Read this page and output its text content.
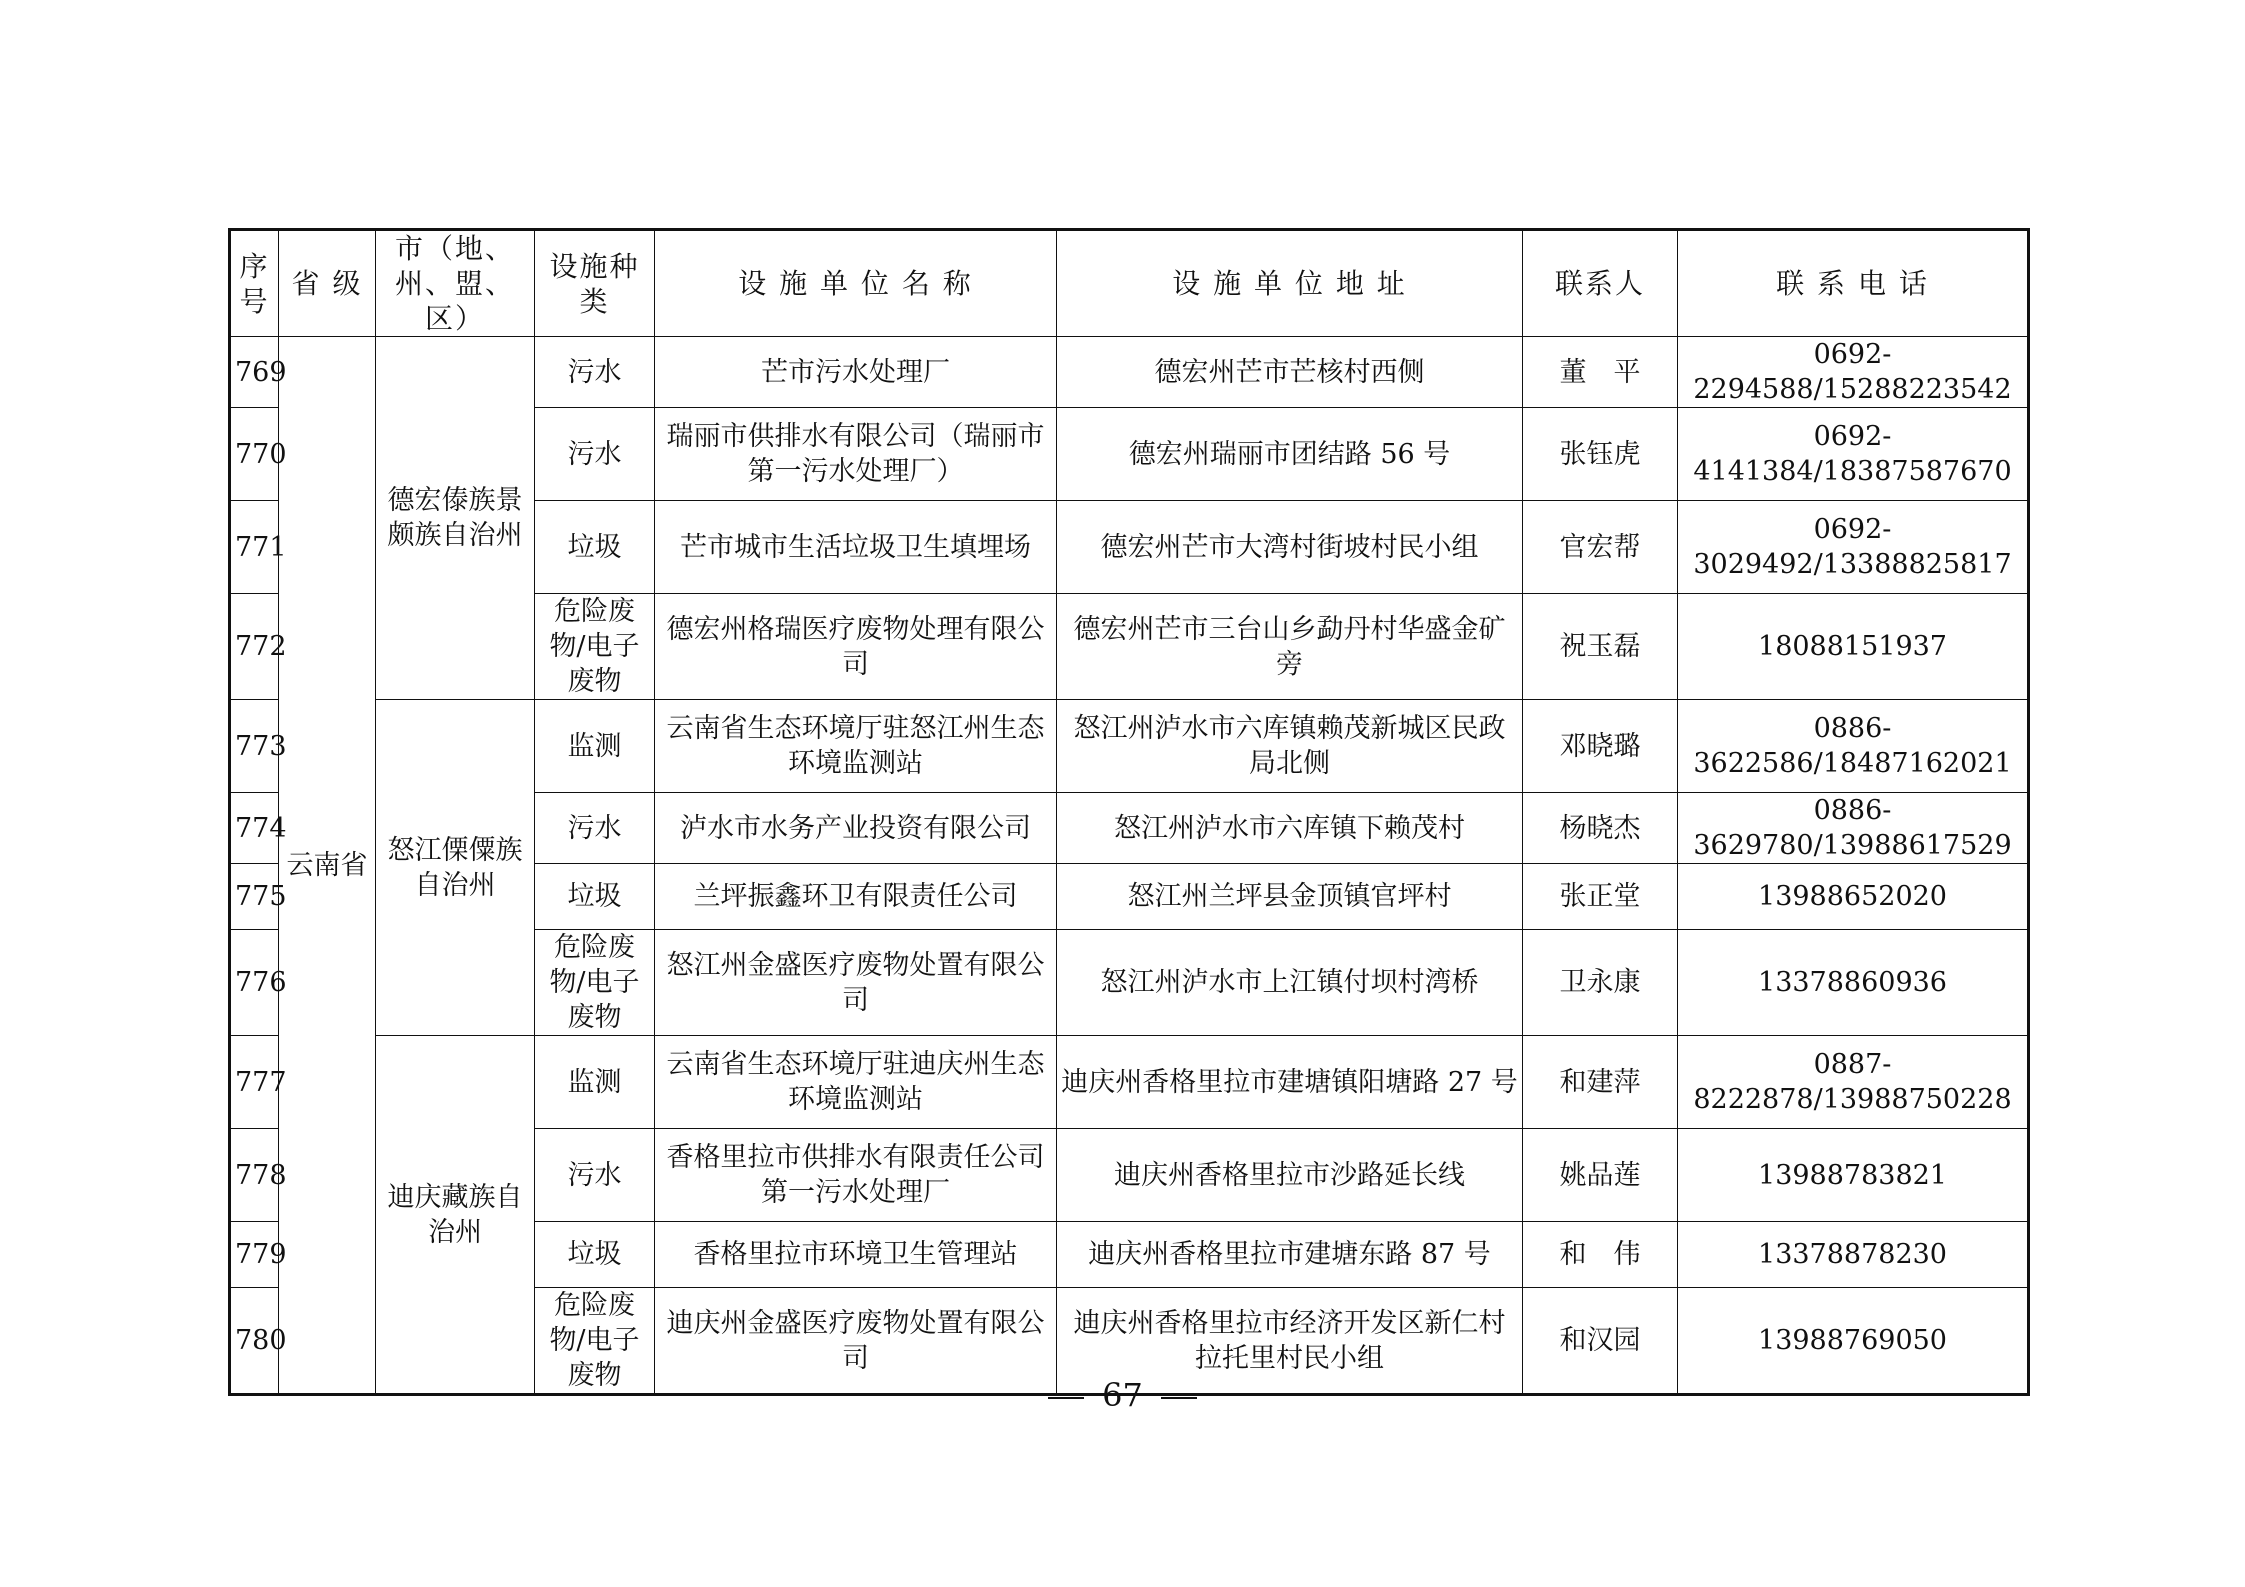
序号	省 级	市（地、州、盟、区）	设施种类	设 施 单 位 名 称	设 施 单 位 地 址	联系人	联 系 电 话
769	云南省	德宏傣族景颇族自治州	污水	芒市污水处理厂	德宏州芒市芒核村西侧	董　平	0692-2294588/15288223542
770			污水	瑞丽市供排水有限公司（瑞丽市第一污水处理厂）	德宏州瑞丽市团结路 56 号	张钰虎	0692-4141384/18387587670
771			垃圾	芒市城市生活垃圾卫生填埋场	德宏州芒市大湾村街坡村民小组	官宏帮	0692-3029492/13388825817
772			危险废物/电子废物	德宏州格瑞医疗废物处理有限公司	德宏州芒市三台山乡勐丹村华盛金矿旁	祝玉磊	18088151937
773		怒江傈僳族自治州	监测	云南省生态环境厅驻怒江州生态环境监测站	怒江州泸水市六库镇赖茂新城区民政局北侧	邓晓璐	0886-3622586/18487162021
774			污水	泸水市水务产业投资有限公司	怒江州泸水市六库镇下赖茂村	杨晓杰	0886-3629780/13988617529
775			垃圾	兰坪振鑫环卫有限责任公司	怒江州兰坪县金顶镇官坪村	张正堂	13988652020
776			危险废物/电子废物	怒江州金盛医疗废物处置有限公司	怒江州泸水市上江镇付坝村湾桥	卫永康	13378860936
777		迪庆藏族自治州	监测	云南省生态环境厅驻迪庆州生态环境监测站	迪庆州香格里拉市建塘镇阳塘路 27 号	和建萍	0887-8222878/13988750228
778			污水	香格里拉市供排水有限责任公司第一污水处理厂	迪庆州香格里拉市沙路延长线	姚品莲	13988783821
779			垃圾	香格里拉市环境卫生管理站	迪庆州香格里拉市建塘东路 87 号	和　伟	13378878230
780			危险废物/电子废物	迪庆州金盛医疗废物处置有限公司	迪庆州香格里拉市经济开发区新仁村拉托里村民小组	和汉园	13988769050
67
